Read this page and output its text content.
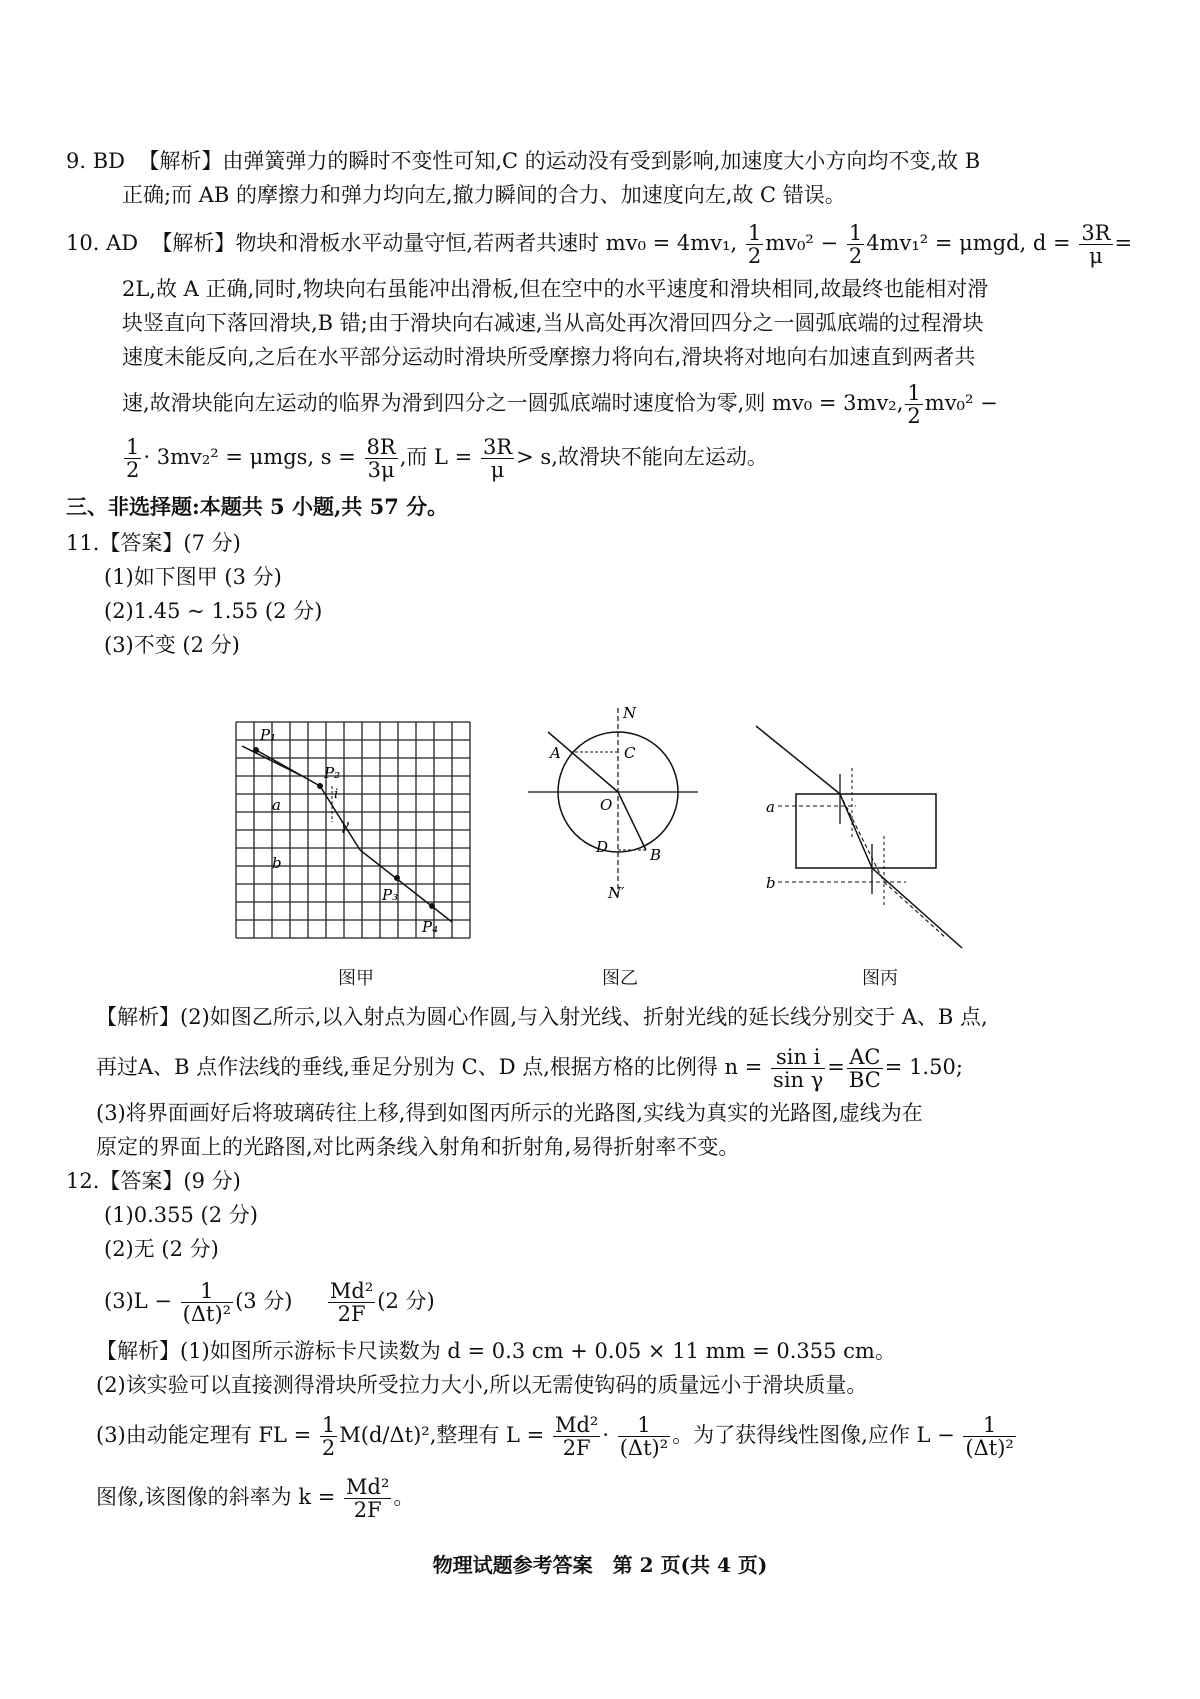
9. BD 【解析】由弹簧弹力的瞬时不变性可知,C 的运动没有受到影响,加速度大小方向均不变,故 B
正确;而 AB 的摩擦力和弹力均向左,撤力瞬间的合力、加速度向左,故 C 错误。
10. AD 【解析】物块和滑板水平动量守恒,若两者共速时 mv₀ = 4mv₁, $\frac{1}{2} mv_0^2 - \frac{1}{2} 4mv_1^2 = \mu mgd$, $d = \frac{3R}{\mu}$ =
2L,故 A 正确,同时,物块向右虽能冲出滑板,但在空中的水平速度和滑块相同,故最终也能相对滑
块竖直向下落回滑块,B 错;由于滑块向右减速,当从高处再次滑回四分之一圆弧底端的过程滑块
速度未能反向,之后在水平部分运动时滑块所受摩擦力将向右,滑块将对地向右加速直到两者共
速,故滑块能向左运动的临界为滑到四分之一圆弧底端时速度恰为零,则 mv₀ = 3mv₂, $\frac{1}{2} mv_0^2$ −
$\frac{1}{2} \cdot 3mv_2^2 = \mu mgs$, $s = \frac{8R}{3\mu}$ ,而 $L = \frac{3R}{\mu} > s$,故滑块不能向左运动。
三、非选择题:本题共 5 小题,共 57 分。
11.【答案】(7 分)
(1)如下图甲 (3 分)
(2)1.45 ~ 1.55 (2 分)
(3)不变 (2 分)
P₁
P₂
i
γ
a
b
P₃
P₄
N
A	C
O
D	B
N′
a
b
图甲	图乙	图丙
【解析】(2)如图乙所示,以入射点为圆心作圆,与入射光线、折射光线的延长线分别交于 A、B 点,
再过A、B 点作法线的垂线,垂足分别为 C、D 点,根据方格的比例得 $n = \frac{\text{sin i}}{\text{sin γ}} = \frac{AC}{BC} = 1.50$;
(3)将界面画好后将玻璃砖往上移,得到如图丙所示的光路图,实线为真实的光路图,虚线为在
原定的界面上的光路图,对比两条线入射角和折射角,易得折射率不变。
12.【答案】(9 分)
(1)0.355 (2 分)
(2)无 (2 分)
$(3)L - \frac{1}{\text{(Δt)²}} (3$ 分) $\frac{\text{Md²}}{2F} (2$ 分)
【解析】(1)如图所示游标卡尺读数为 d = 0.3 cm + 0.05 × 11 mm = 0.355 cm。
(2)该实验可以直接测得滑块所受拉力大小,所以无需使钩码的质量远小于滑块质量。
(3)由动能定理有 FL = $\frac{1}{2} M(d/\Delta t)^2$,整理有 $L = \frac{\text{Md²}}{2F} \cdot \frac{1}{\text{(Δt)²}}$ 。为了获得线性图像,应作 $L - \frac{1}{\text{(Δt)²}}$
图像,该图像的斜率为 $k = \frac{\text{Md²}}{2F}$ 。
物理试题参考答案　第 2 页(共 4 页)
